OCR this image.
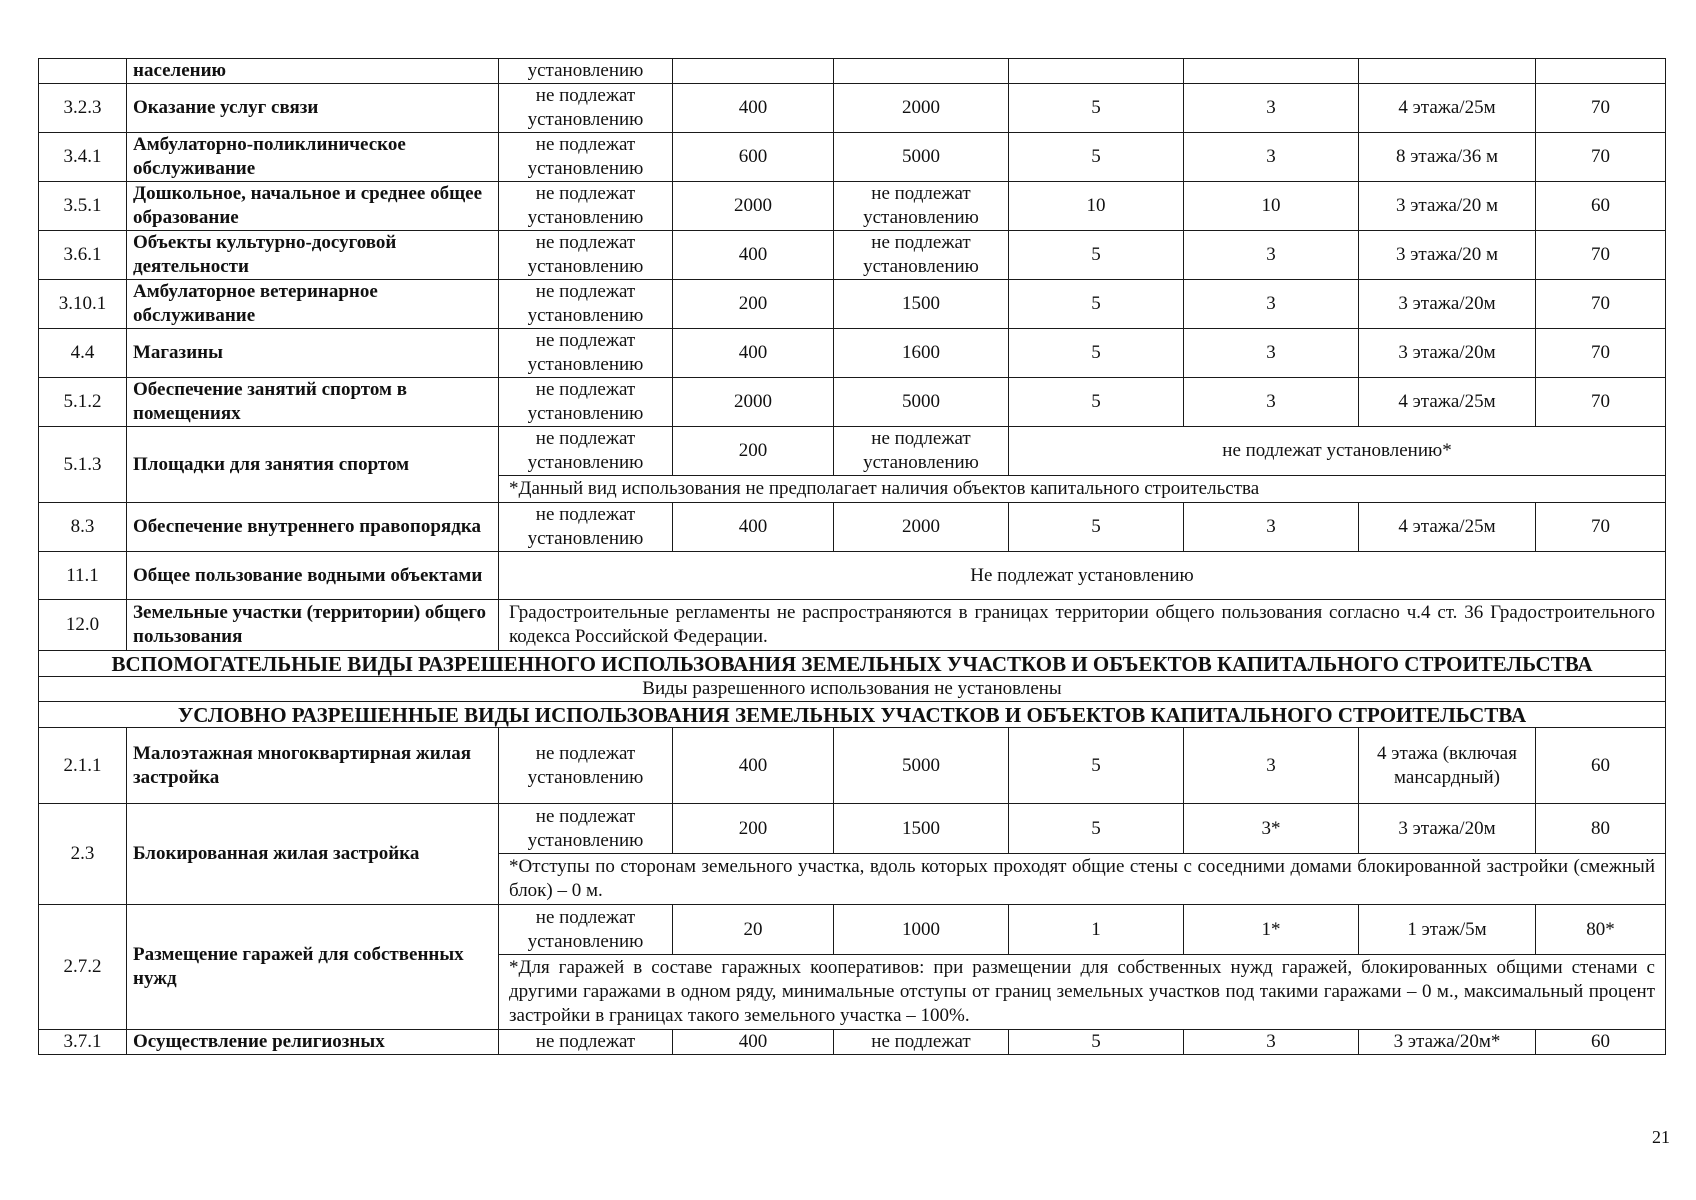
	населению	установлению						
3.2.3	Оказание услуг связи	не подлежат установлению	400	2000	5	3	4 этажа/25м	70
3.4.1	Амбулаторно-поликлиническое обслуживание	не подлежат установлению	600	5000	5	3	8 этажа/36 м	70
3.5.1	Дошкольное, начальное и среднее общее образование	не подлежат установлению	2000	не подлежат установлению	10	10	3 этажа/20 м	60
3.6.1	Объекты культурно-досуговой деятельности	не подлежат установлению	400	не подлежат установлению	5	3	3 этажа/20 м	70
3.10.1	Амбулаторное ветеринарное обслуживание	не подлежат установлению	200	1500	5	3	3 этажа/20м	70
4.4	Магазины	не подлежат установлению	400	1600	5	3	3 этажа/20м	70
5.1.2	Обеспечение занятий спортом в помещениях	не подлежат установлению	2000	5000	5	3	4 этажа/25м	70
5.1.3	Площадки для занятия спортом	не подлежат установлению	200	не подлежат установлению	не подлежат установлению*			
		*Данный вид использования не предполагает наличия объектов капитального строительства						
8.3	Обеспечение внутреннего правопорядка	не подлежат установлению	400	2000	5	3	4 этажа/25м	70
11.1	Общее пользование водными объектами	Не подлежат установлению						
12.0	Земельные участки (территории) общего пользования	Градостроительные регламенты не распространяются в границах территории общего пользования согласно ч.4 ст. 36 Градостроительного кодекса Российской Федерации.						
ВСПОМОГАТЕЛЬНЫЕ ВИДЫ РАЗРЕШЕННОГО ИСПОЛЬЗОВАНИЯ ЗЕМЕЛЬНЫХ УЧАСТКОВ И ОБЪЕКТОВ КАПИТАЛЬНОГО СТРОИТЕЛЬСТВА								
Виды разрешенного использования не установлены								
УСЛОВНО РАЗРЕШЕННЫЕ ВИДЫ ИСПОЛЬЗОВАНИЯ ЗЕМЕЛЬНЫХ УЧАСТКОВ И ОБЪЕКТОВ КАПИТАЛЬНОГО СТРОИТЕЛЬСТВА								
2.1.1	Малоэтажная многоквартирная жилая застройка	не подлежат установлению	400	5000	5	3	4 этажа (включая мансардный)	60
2.3	Блокированная жилая застройка	не подлежат установлению	200	1500	5	3*	3 этажа/20м	80
		*Отступы по сторонам земельного участка, вдоль которых проходят общие стены с соседними домами блокированной застройки (смежный блок) – 0 м.						
2.7.2	Размещение гаражей для собственных нужд	не подлежат установлению	20	1000	1	1*	1 этаж/5м	80*
		*Для гаражей в составе гаражных кооперативов: при размещении для собственных нужд гаражей, блокированных общими стенами с другими гаражами в одном ряду, минимальные отступы от границ земельных участков под такими гаражами – 0 м., максимальный процент застройки в границах такого земельного участка – 100%.						
3.7.1	Осуществление религиозных	не подлежат	400	не подлежат	5	3	3 этажа/20м*	60
21
